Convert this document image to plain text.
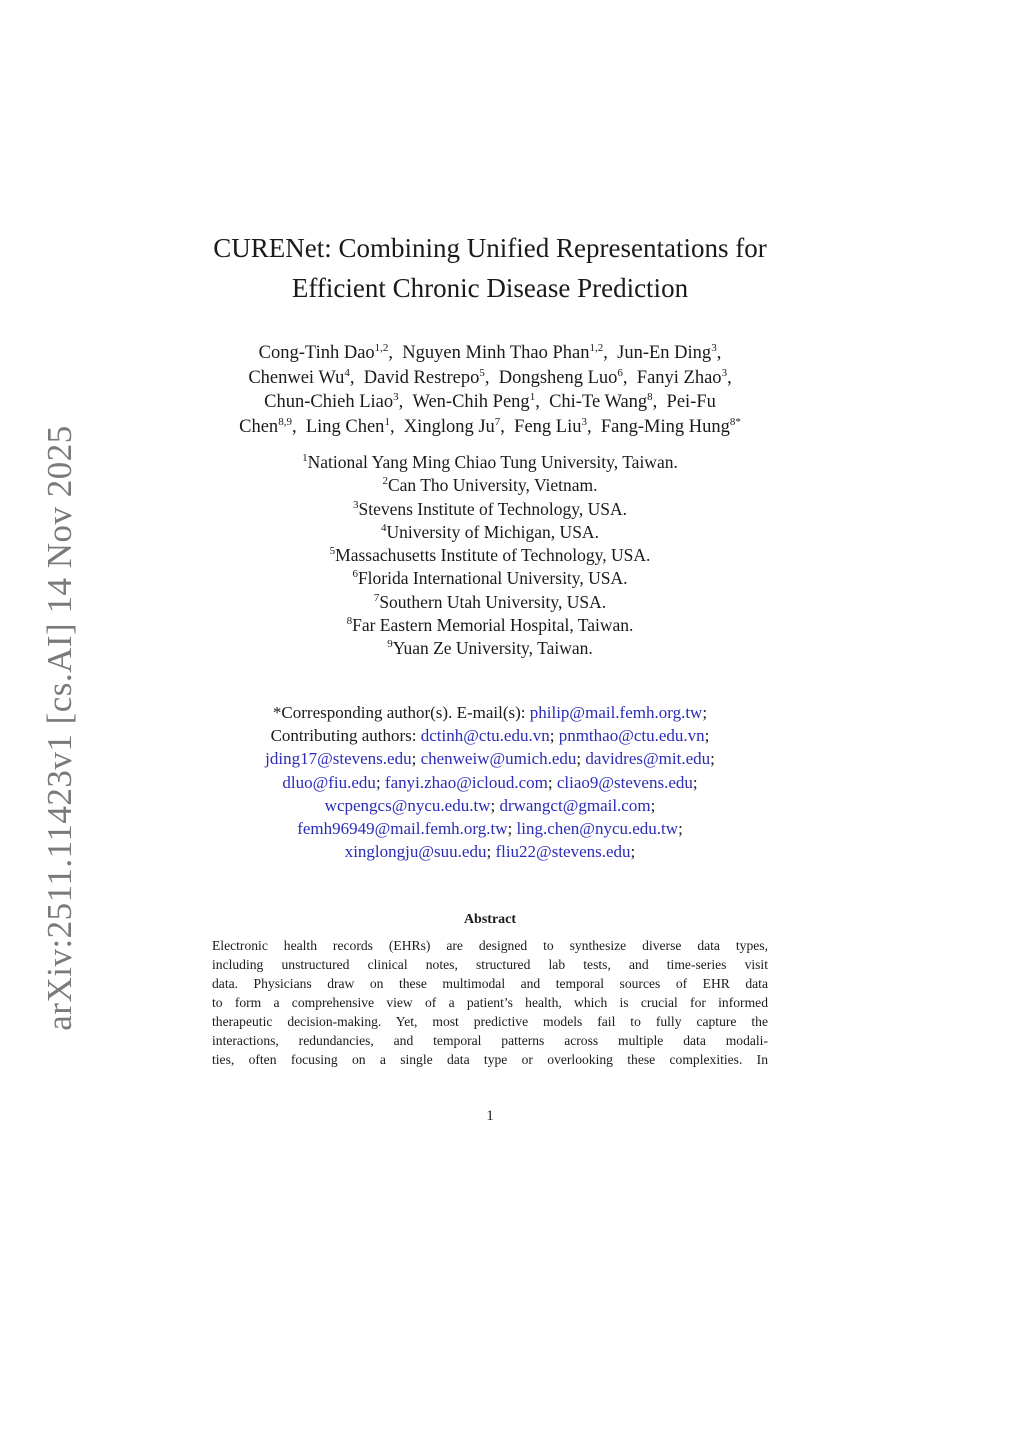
arXiv:2511.11423v1 [cs.AI] 14 Nov 2025
CURENet: Combining Unified Representations for
Efficient Chronic Disease Prediction
Cong-Tinh Dao$^{1,2}$, Nguyen Minh Thao Phan$^{1,2}$, Jun-En Ding$^3$,
Chenwei Wu$^4$, David Restrepo$^5$, Dongsheng Luo$^6$, Fanyi Zhao$^3$,
Chun-Chieh Liao$^3$, Wen-Chih Peng$^1$, Chi-Te Wang$^8$, Pei-Fu
Chen$^{8,9}$, Ling Chen$^1$, Xinglong Ju$^7$, Feng Liu$^3$, Fang-Ming Hung$^{8*}$
$^1$National Yang Ming Chiao Tung University, Taiwan.
$^2$Can Tho University, Vietnam.
$^3$Stevens Institute of Technology, USA.
$^4$University of Michigan, USA.
$^5$Massachusetts Institute of Technology, USA.
$^6$Florida International University, USA.
$^7$Southern Utah University, USA.
$^8$Far Eastern Memorial Hospital, Taiwan.
$^9$Yuan Ze University, Taiwan.
*Corresponding author(s). E-mail(s): philip@mail.femh.org.tw;
Contributing authors: dctinh@ctu.edu.vn; pnmthao@ctu.edu.vn;
jding17@stevens.edu; chenweiw@umich.edu; davidres@mit.edu;
dluo@fiu.edu; fanyi.zhao@icloud.com; cliao9@stevens.edu;
wcpengcs@nycu.edu.tw; drwangct@gmail.com;
femh96949@mail.femh.org.tw; ling.chen@nycu.edu.tw;
xinglongju@suu.edu; fliu22@stevens.edu;
Abstract
Electronic health records (EHRs) are designed to synthesize diverse data types,
including unstructured clinical notes, structured lab tests, and time-series visit
data. Physicians draw on these multimodal and temporal sources of EHR data
to form a comprehensive view of a patient’s health, which is crucial for informed
therapeutic decision-making. Yet, most predictive models fail to fully capture the
interactions, redundancies, and temporal patterns across multiple data modali-
ties, often focusing on a single data type or overlooking these complexities. In
1
